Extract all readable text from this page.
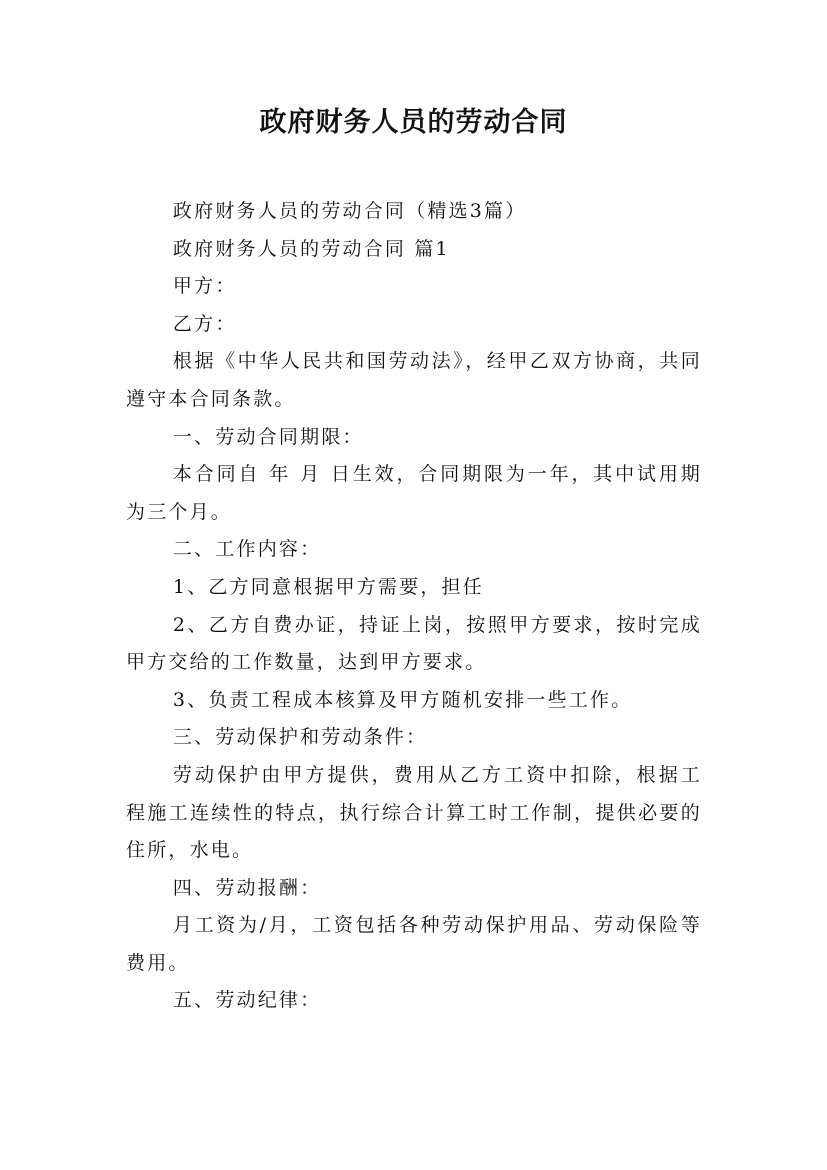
政府财务人员的劳动合同

政府财务人员的劳动合同（精选3篇）

政府财务人员的劳动合同 篇1

甲方：

乙方：

根据《中华人民共和国劳动法》，经甲乙双方协商，共同遵守本合同条款。

一、劳动合同期限：

本合同自 年 月 日生效，合同期限为一年，其中试用期为三个月。

二、工作内容：

1、乙方同意根据甲方需要，担任

2、乙方自费办证，持证上岗，按照甲方要求，按时完成甲方交给的工作数量，达到甲方要求。

3、负责工程成本核算及甲方随机安排一些工作。

三、劳动保护和劳动条件：

劳动保护由甲方提供，费用从乙方工资中扣除，根据工程施工连续性的特点，执行综合计算工时工作制，提供必要的住所，水电。

四、劳动报酬：

月工资为/月，工资包括各种劳动保护用品、劳动保险等费用。

五、劳动纪律：
